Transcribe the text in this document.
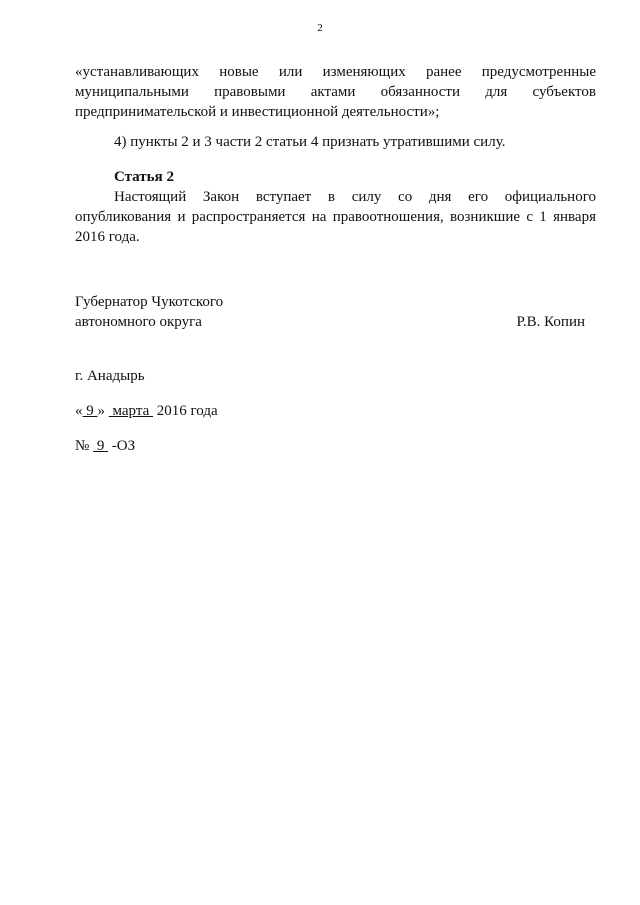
2
«устанавливающих новые или изменяющих ранее предусмотренные
муниципальными правовыми актами обязанности для субъектов
предпринимательской и инвестиционной деятельности»;
4) пункты 2 и 3 части 2 статьи 4 признать утратившими силу.
Статья 2
Настоящий Закон вступает в силу со дня его официального
опубликования и распространяется на правоотношения, возникшие с 1 января
2016 года.
Губернатор Чукотского
автономного округа	Р.В. Копин
г. Анадырь
« 9 »  марта  2016 года
№  9  -ОЗ
